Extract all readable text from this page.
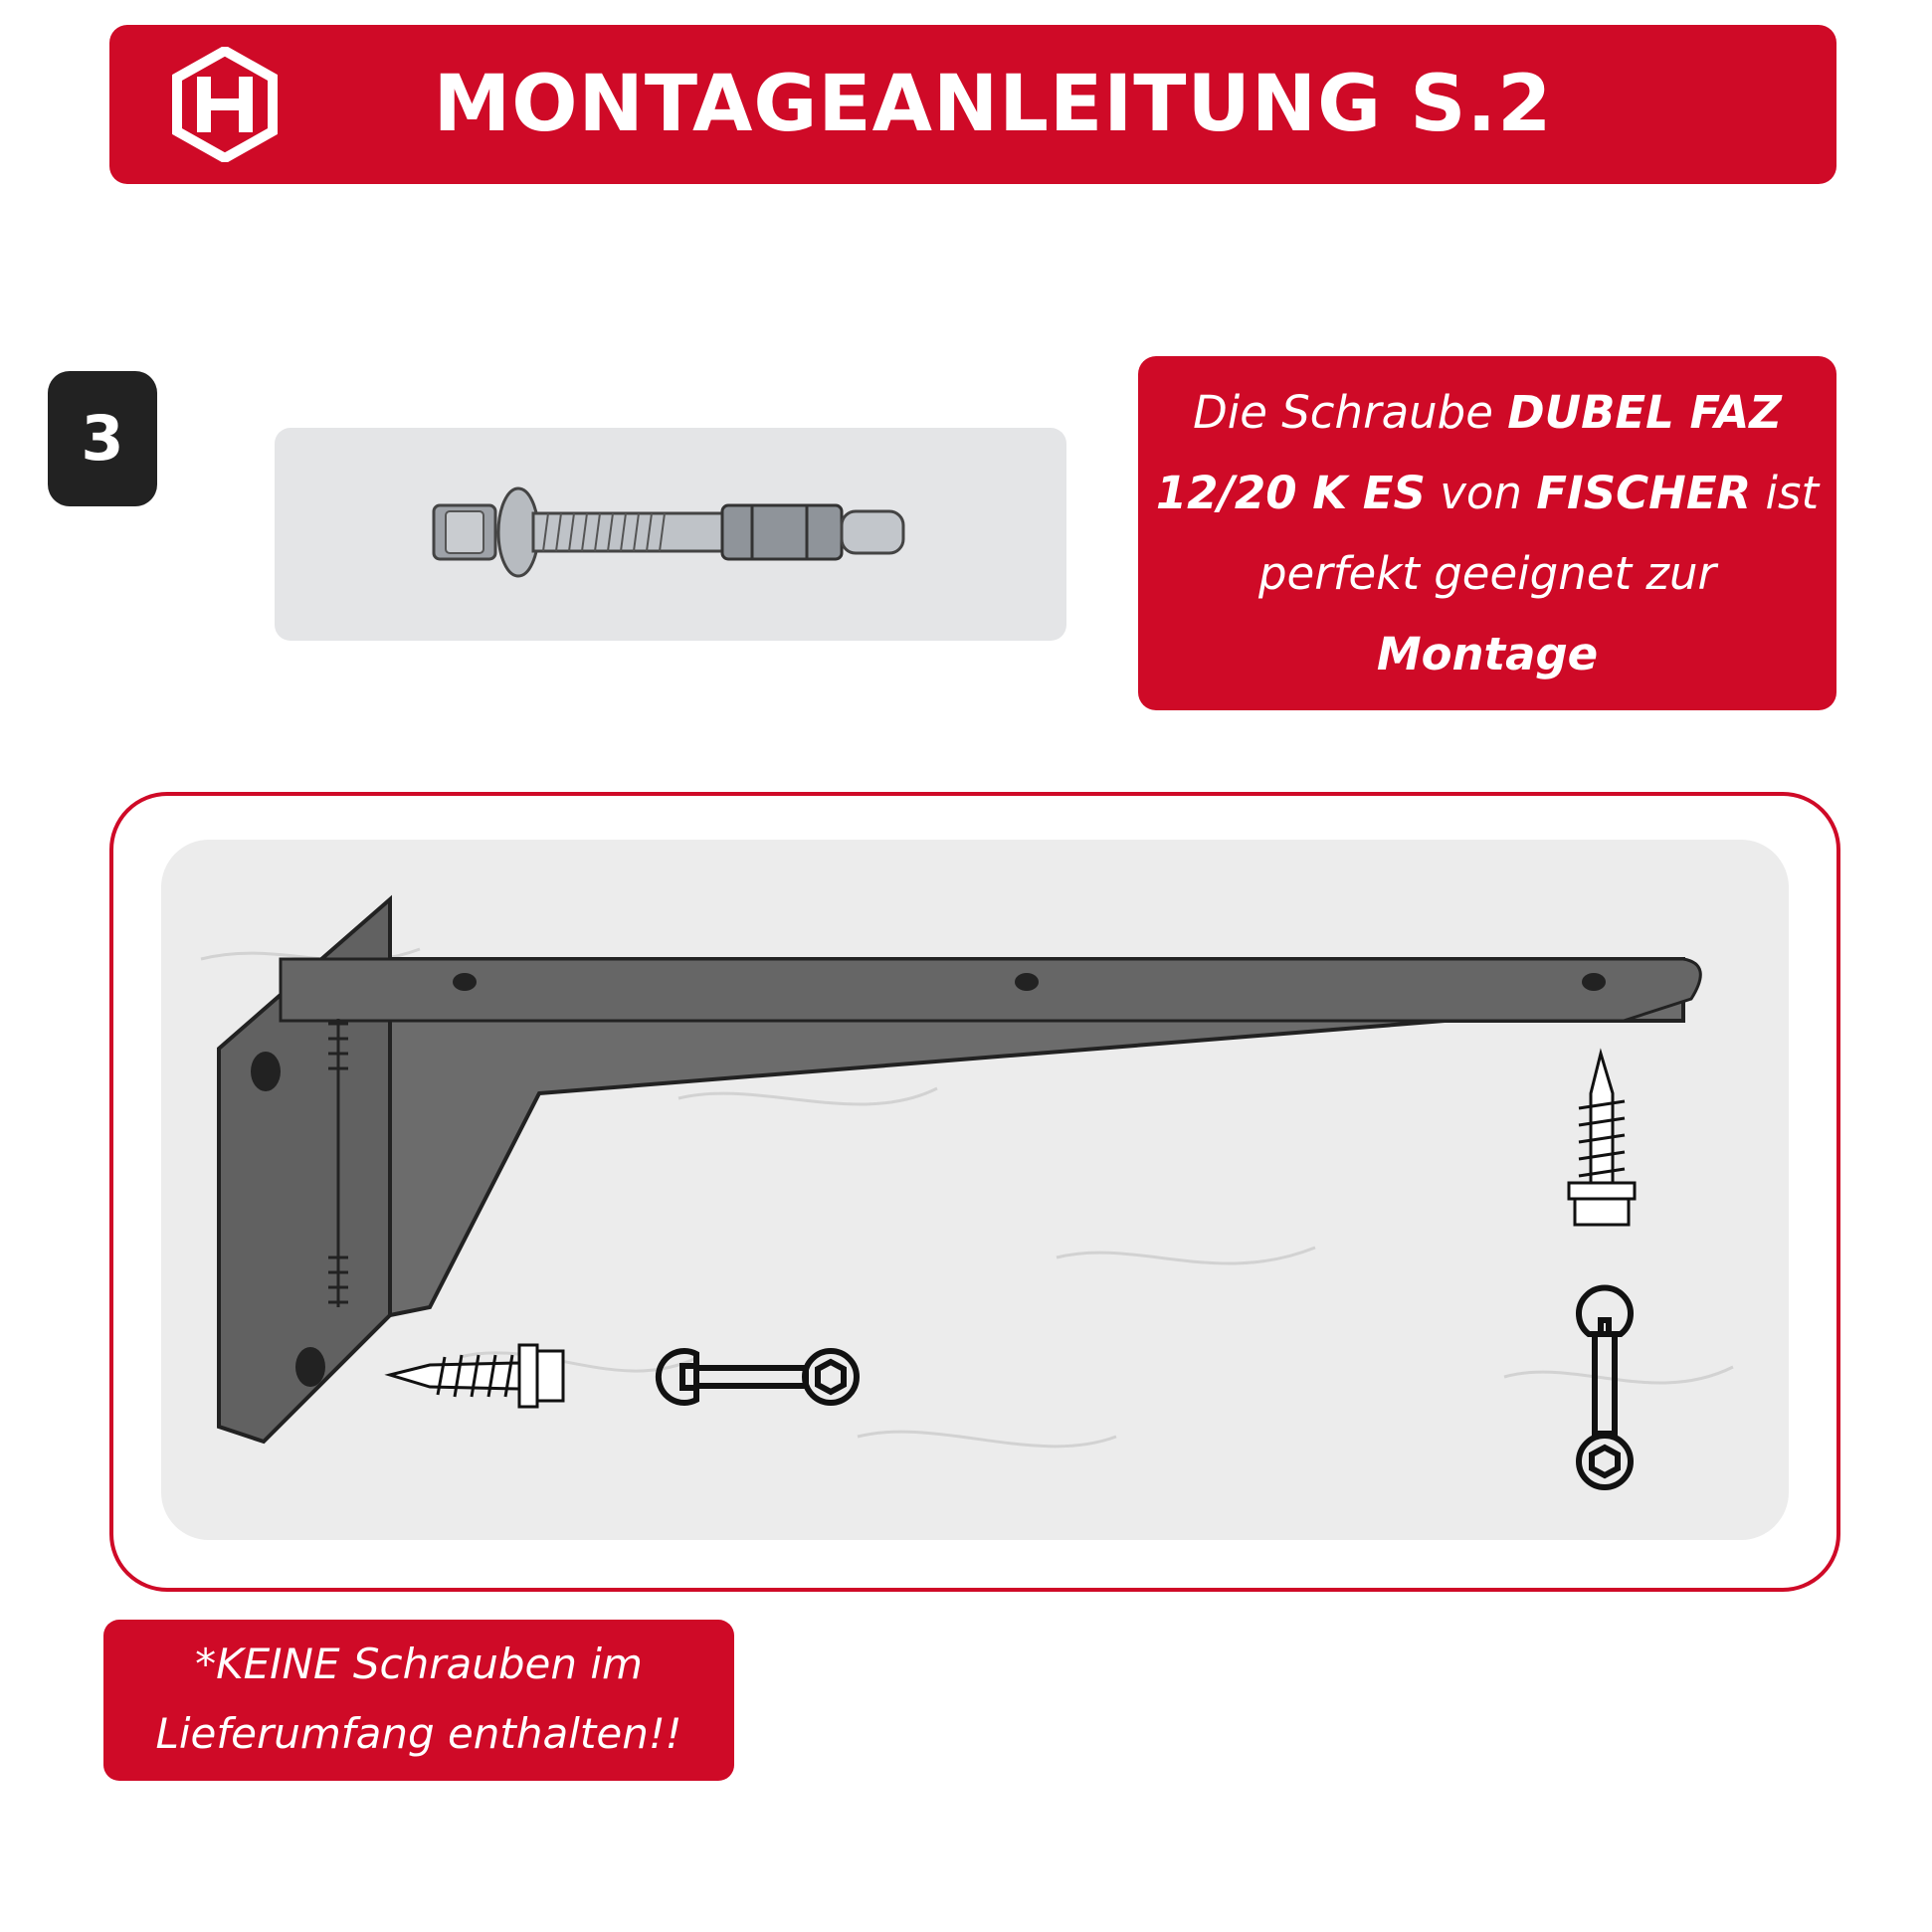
MONTAGEANLEITUNG S.2
3	Die Schraube DUBEL FAZ 12/20 K ES von FISCHER ist perfekt geeignet zur
Montage
*KEINE Schrauben im
Lieferumfang enthalten!!
